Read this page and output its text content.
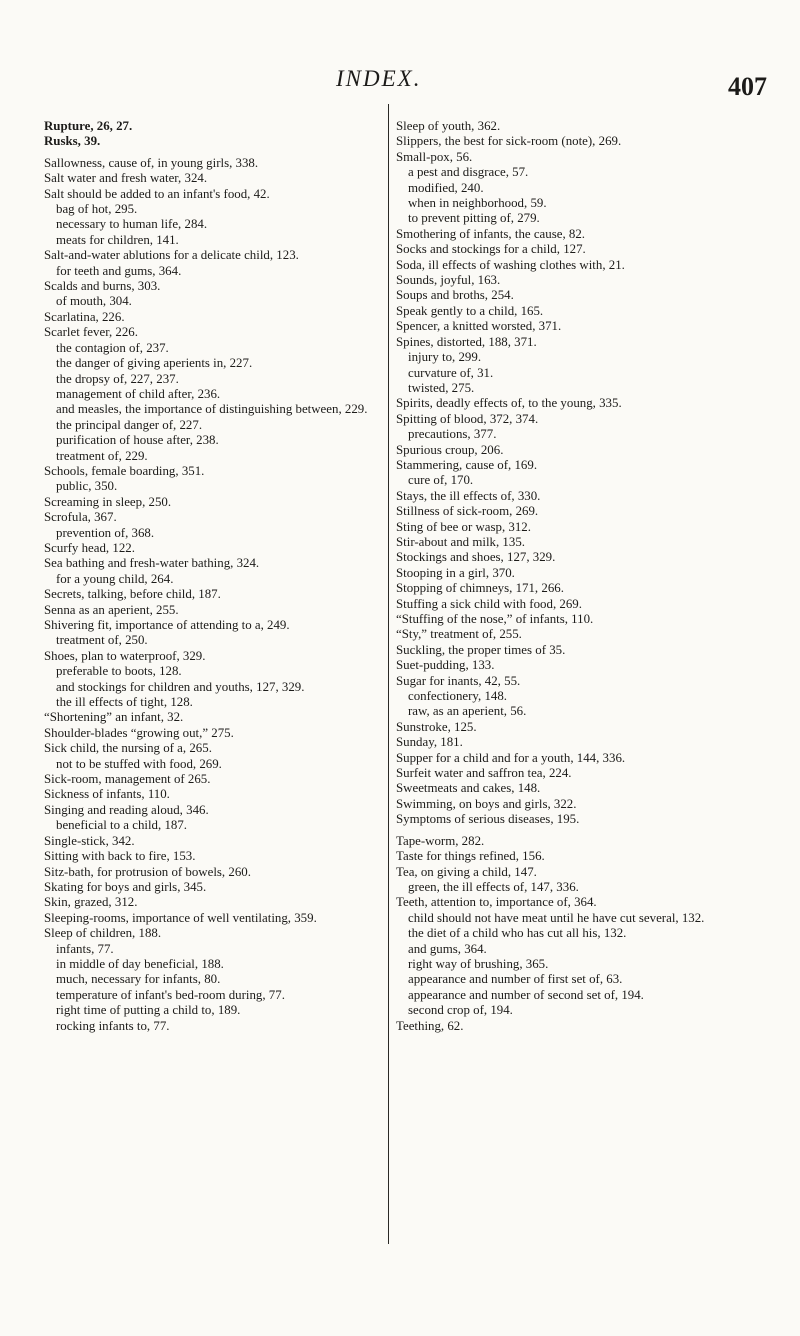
INDEX.	407

Rupture, 26, 27.

Rusks, 39.

Sallowness, cause of, in young girls, 338.

Salt water and fresh water, 324.

Salt should be added to an infant's food, 42.

bag of hot, 295.

necessary to human life, 284.

meats for children, 141.

Salt-and-water ablutions for a delicate child, 123.

for teeth and gums, 364.

Scalds and burns, 303.

of mouth, 304.

Scarlatina, 226.

Scarlet fever, 226.

the contagion of, 237.

the danger of giving aperients in, 227.

the dropsy of, 227, 237.

management of child after, 236.

and measles, the importance of distinguishing between, 229.

the principal danger of, 227.

purification of house after, 238.

treatment of, 229.

Schools, female boarding, 351.

public, 350.

Screaming in sleep, 250.

Scrofula, 367.

prevention of, 368.

Scurfy head, 122.

Sea bathing and fresh-water bathing, 324.

for a young child, 264.

Secrets, talking, before child, 187.

Senna as an aperient, 255.

Shivering fit, importance of attending to a, 249.

treatment of, 250.

Shoes, plan to waterproof, 329.

preferable to boots, 128.

and stockings for children and youths, 127, 329.

the ill effects of tight, 128.

“Shortening” an infant, 32.

Shoulder-blades “growing out,” 275.

Sick child, the nursing of a, 265.

not to be stuffed with food, 269.

Sick-room, management of 265.

Sickness of infants, 110.

Singing and reading aloud, 346.

beneficial to a child, 187.

Single-stick, 342.

Sitting with back to fire, 153.

Sitz-bath, for protrusion of bowels, 260.

Skating for boys and girls, 345.

Skin, grazed, 312.

Sleeping-rooms, importance of well ventilating, 359.

Sleep of children, 188.

infants, 77.

in middle of day beneficial, 188.

much, necessary for infants, 80.

temperature of infant's bed-room during, 77.

right time of putting a child to, 189.

rocking infants to, 77.

Sleep of youth, 362.

Slippers, the best for sick-room (note), 269.

Small-pox, 56.

a pest and disgrace, 57.

modified, 240.

when in neighborhood, 59.

to prevent pitting of, 279.

Smothering of infants, the cause, 82.

Socks and stockings for a child, 127.

Soda, ill effects of washing clothes with, 21.

Sounds, joyful, 163.

Soups and broths, 254.

Speak gently to a child, 165.

Spencer, a knitted worsted, 371.

Spines, distorted, 188, 371.

injury to, 299.

curvature of, 31.

twisted, 275.

Spirits, deadly effects of, to the young, 335.

Spitting of blood, 372, 374.

precautions, 377.

Spurious croup, 206.

Stammering, cause of, 169.

cure of, 170.

Stays, the ill effects of, 330.

Stillness of sick-room, 269.

Sting of bee or wasp, 312.

Stir-about and milk, 135.

Stockings and shoes, 127, 329.

Stooping in a girl, 370.

Stopping of chimneys, 171, 266.

Stuffing a sick child with food, 269.

“Stuffing of the nose,” of infants, 110.

“Sty,” treatment of, 255.

Suckling, the proper times of 35.

Suet-pudding, 133.

Sugar for inants, 42, 55.

confectionery, 148.

raw, as an aperient, 56.

Sunstroke, 125.

Sunday, 181.

Supper for a child and for a youth, 144, 336.

Surfeit water and saffron tea, 224.

Sweetmeats and cakes, 148.

Swimming, on boys and girls, 322.

Symptoms of serious diseases, 195.

Tape-worm, 282.

Taste for things refined, 156.

Tea, on giving a child, 147.

green, the ill effects of, 147, 336.

Teeth, attention to, importance of, 364.

child should not have meat until he have cut several, 132.

the diet of a child who has cut all his, 132.

and gums, 364.

right way of brushing, 365.

appearance and number of first set of, 63.

appearance and number of second set of, 194.

second crop of, 194.

Teething, 62.
